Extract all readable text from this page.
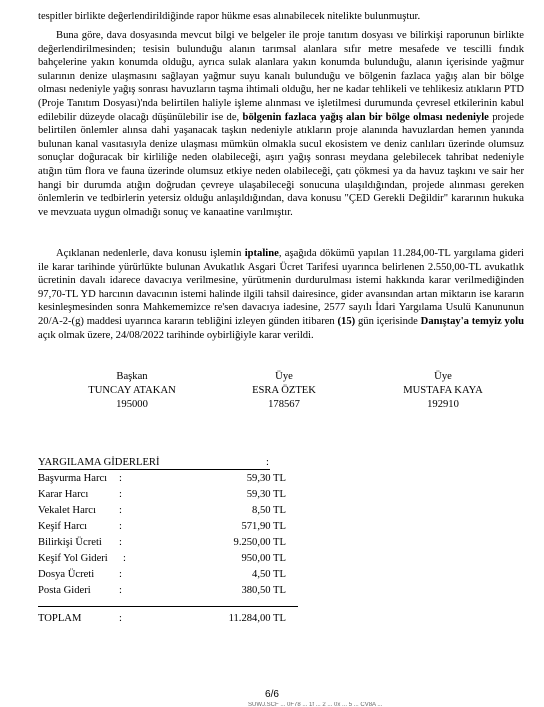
tespitler birlikte değerlendirildiğinde rapor hükme esas alınabilecek nitelikte bulunmuştur.

Buna göre, dava dosyasında mevcut bilgi ve belgeler ile proje tanıtım dosyası ve bilirkişi raporunun birlikte değerlendirilmesinden; tesisin bulunduğu alanın tarımsal alanlara sıfır metre mesafede ve tescilli fındık bahçelerine yakın konumda olduğu, ayrıca sulak alanlara yakın konumda bulunduğu, alanın içerisinde yağmur sularının denize ulaşmasını sağlayan yağmur suyu kanalı bulunduğu ve bölgenin fazlaca yağış alan bir bölge olması nedeniyle yağış sonrası havuzların taşma ihtimali olduğu, her ne kadar tehlikeli ve tehlikesiz atıkların PTD (Proje Tanıtım Dosyası)'nda belirtilen haliyle işleme alınması ve işletilmesi durumunda çevresel etkilerinin kabul edilebilir düzeyde olacağı düşünülebilir ise de, bölgenin fazlaca yağış alan bir bölge olması nedeniyle projede belirtilen önlemler alınsa dahi yaşanacak taşkın nedeniyle atıkların proje alanında havuzlardan hemen yanında bulunan kanal vasıtasıyla denize ulaşması mümkün olmakla sucul ekosistem ve deniz canlıları üzerinde olumsuz sonuçlar doğuracak bir kirliliğe neden olabileceği, aşırı yağış sonrası meydana gelebilecek tahribat nedeniyle atığın tüm flora ve fauna üzerinde olumsuz etkiye neden olabileceği, çatı çökmesi ya da havuz taşkını ve sair her hangi bir durumda atığın doğrudan çevreye ulaşabileceği sonucuna ulaşıldığından, projede alınması gereken önlemlerin ve tedbirlerin yetersiz olduğu anlaşıldığından, dava konusu "ÇED Gerekli Değildir" kararının hukuka ve mevzuata uygun olmadığı sonuç ve kanaatine varılmıştır.

Açıklanan nedenlerle, dava konusu işlemin iptaline, aşağıda dökümü yapılan 11.284,00-TL yargılama gideri ile karar tarihinde yürürlükte bulunan Avukatlık Asgari Ücret Tarifesi uyarınca belirlenen 2.550,00-TL avukatlık ücretinin davalı idarece davacıya verilmesine, yürütmenin durdurulması istemi hakkında karar verilmediğinden 97,70-TL YD harcının davacının istemi halinde ilgili tahsil dairesince, gider avansından artan miktarın ise kararın kesinleşmesinden sonra Mahkememizce re'sen davacıya iadesine, 2577 sayılı İdari Yargılama Usulü Kanununun 20/A-2-(g) maddesi uyarınca kararın tebliğini izleyen günden itibaren (15) gün içerisinde Danıştay'a temyiz yolu açık olmak üzere, 24/08/2022 tarihinde oybirliğiyle karar verildi.

Başkan
TUNCAY ATAKAN
195000
Üye
ESRA ÖZTEK
178567
Üye
MUSTAFA KAYA
192910
YARGILAMA GİDERLERİ	:
Başvurma Harcı :	59,30 TL
Karar Harcı	:	59,30 TL
Vekalet Harcı :	8,50 TL
Keşif Harcı	:	571,90 TL
Bilirkişi Ücreti :	9.250,00 TL
Keşif Yol Gideri :	950,00 TL
Dosya Ücreti :	4,50 TL
Posta Gideri	:	380,50 TL
TOPLAM	:	11.284,00 TL
6/6
SUWJ.SCF ... 0F78 ... 1f ... 2 ... 0x ... 5 ... CV8A ...
